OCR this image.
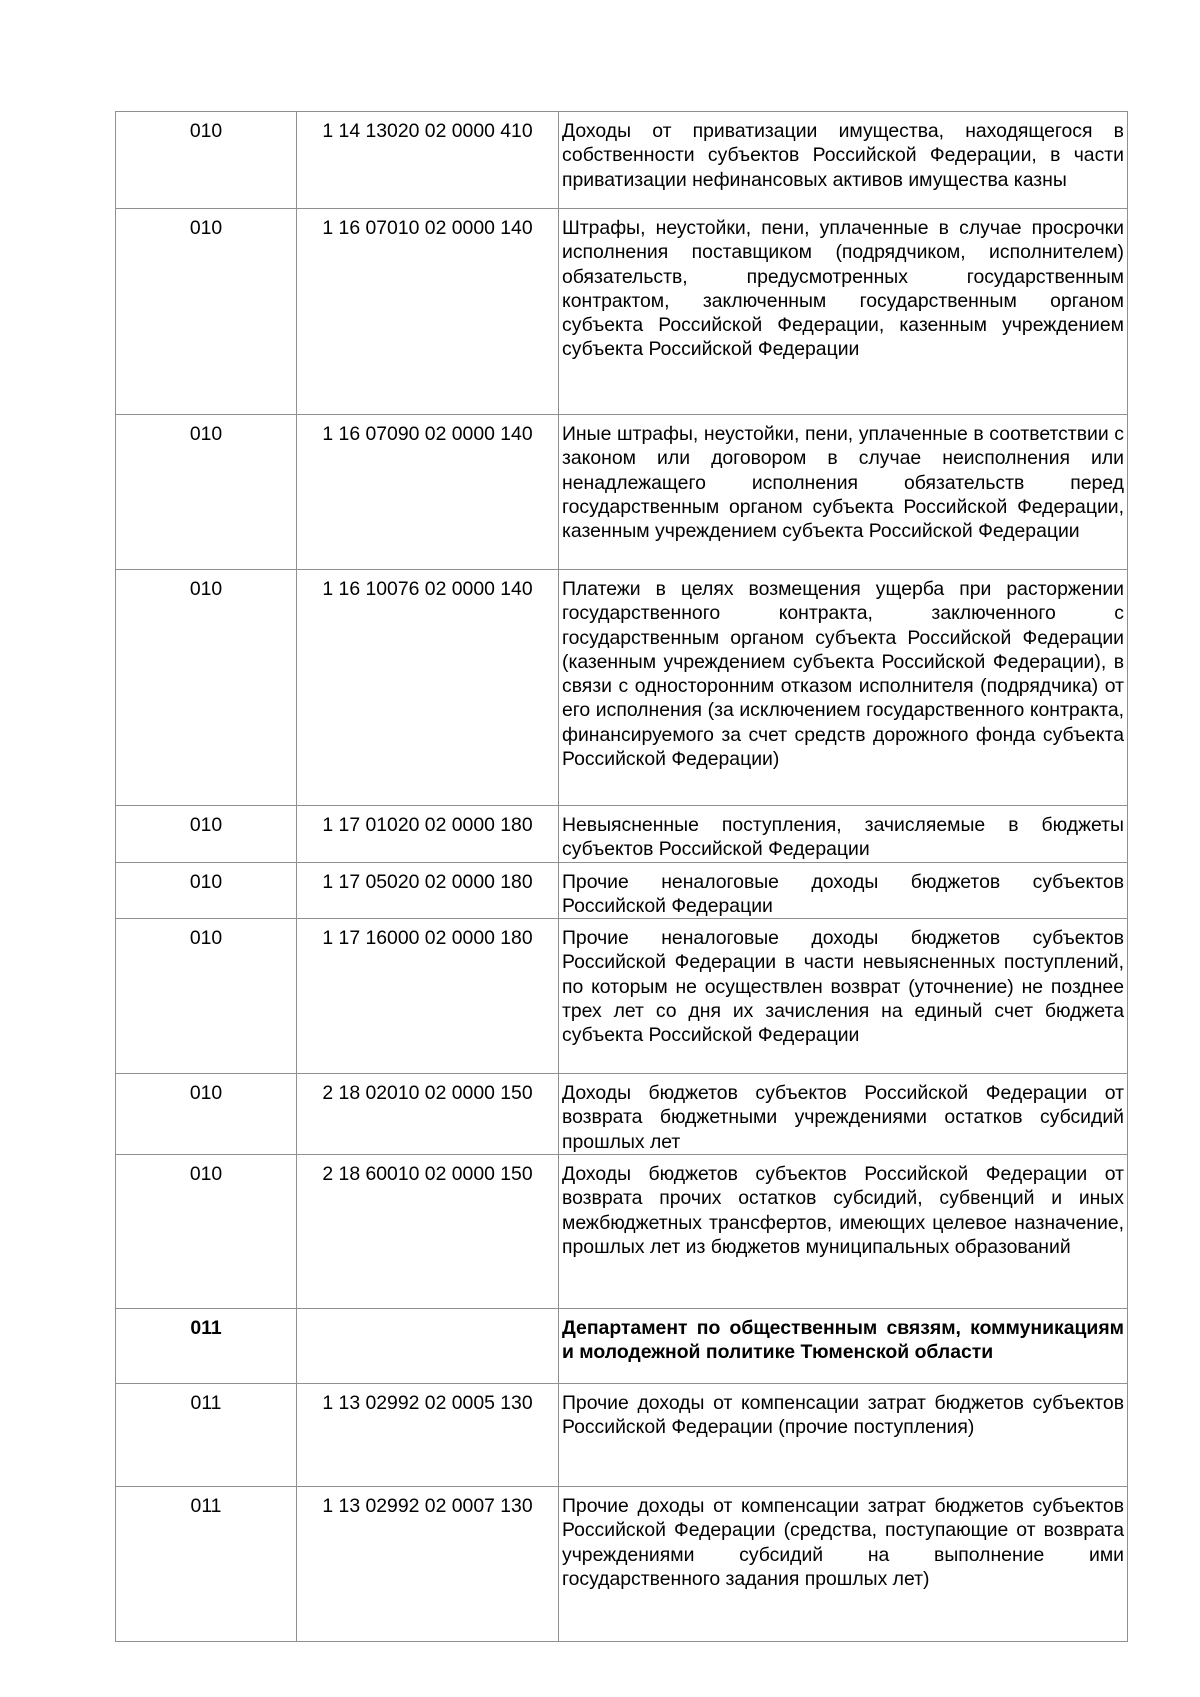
010	1 14 13020 02 0000 410	Доходы от приватизации имущества, находящегося в собственности субъектов Российской Федерации, в части приватизации нефинансовых активов имущества казны
010	1 16 07010 02 0000 140	Штрафы, неустойки, пени, уплаченные в случае просрочки исполнения поставщиком (подрядчиком, исполнителем) обязательств, предусмотренных государственным контрактом, заключенным государственным органом субъекта Российской Федерации, казенным учреждением субъекта Российской Федерации
010	1 16 07090 02 0000 140	Иные штрафы, неустойки, пени, уплаченные в соответствии с законом или договором в случае неисполнения или ненадлежащего исполнения обязательств перед государственным органом субъекта Российской Федерации, казенным учреждением субъекта Российской Федерации
010	1 16 10076 02 0000 140	Платежи в целях возмещения ущерба при расторжении государственного контракта, заключенного с государственным органом субъекта Российской Федерации (казенным учреждением субъекта Российской Федерации), в связи с односторонним отказом исполнителя (подрядчика) от его исполнения (за исключением государственного контракта, финансируемого за счет средств дорожного фонда субъекта Российской Федерации)
010	1 17 01020 02 0000 180	Невыясненные поступления, зачисляемые в бюджеты субъектов Российской Федерации
010	1 17 05020 02 0000 180	Прочие неналоговые доходы бюджетов субъектов Российской Федерации
010	1 17 16000 02 0000 180	Прочие неналоговые доходы бюджетов субъектов Российской Федерации в части невыясненных поступлений, по которым не осуществлен возврат (уточнение) не позднее трех лет со дня их зачисления на единый счет бюджета субъекта Российской Федерации
010	2 18 02010 02 0000 150	Доходы бюджетов субъектов Российской Федерации от возврата бюджетными учреждениями остатков субсидий прошлых лет
010	2 18 60010 02 0000 150	Доходы бюджетов субъектов Российской Федерации от возврата прочих остатков субсидий, субвенций и иных межбюджетных трансфертов, имеющих целевое назначение, прошлых лет из бюджетов муниципальных образований
011		Департамент по общественным связям, коммуникациям и молодежной политике Тюменской области
011	1 13 02992 02 0005 130	Прочие доходы от компенсации затрат бюджетов субъектов Российской Федерации (прочие поступления)
011	1 13 02992 02 0007 130	Прочие доходы от компенсации затрат бюджетов субъектов Российской Федерации (средства, поступающие от возврата учреждениями субсидий на выполнение ими государственного задания прошлых лет)
